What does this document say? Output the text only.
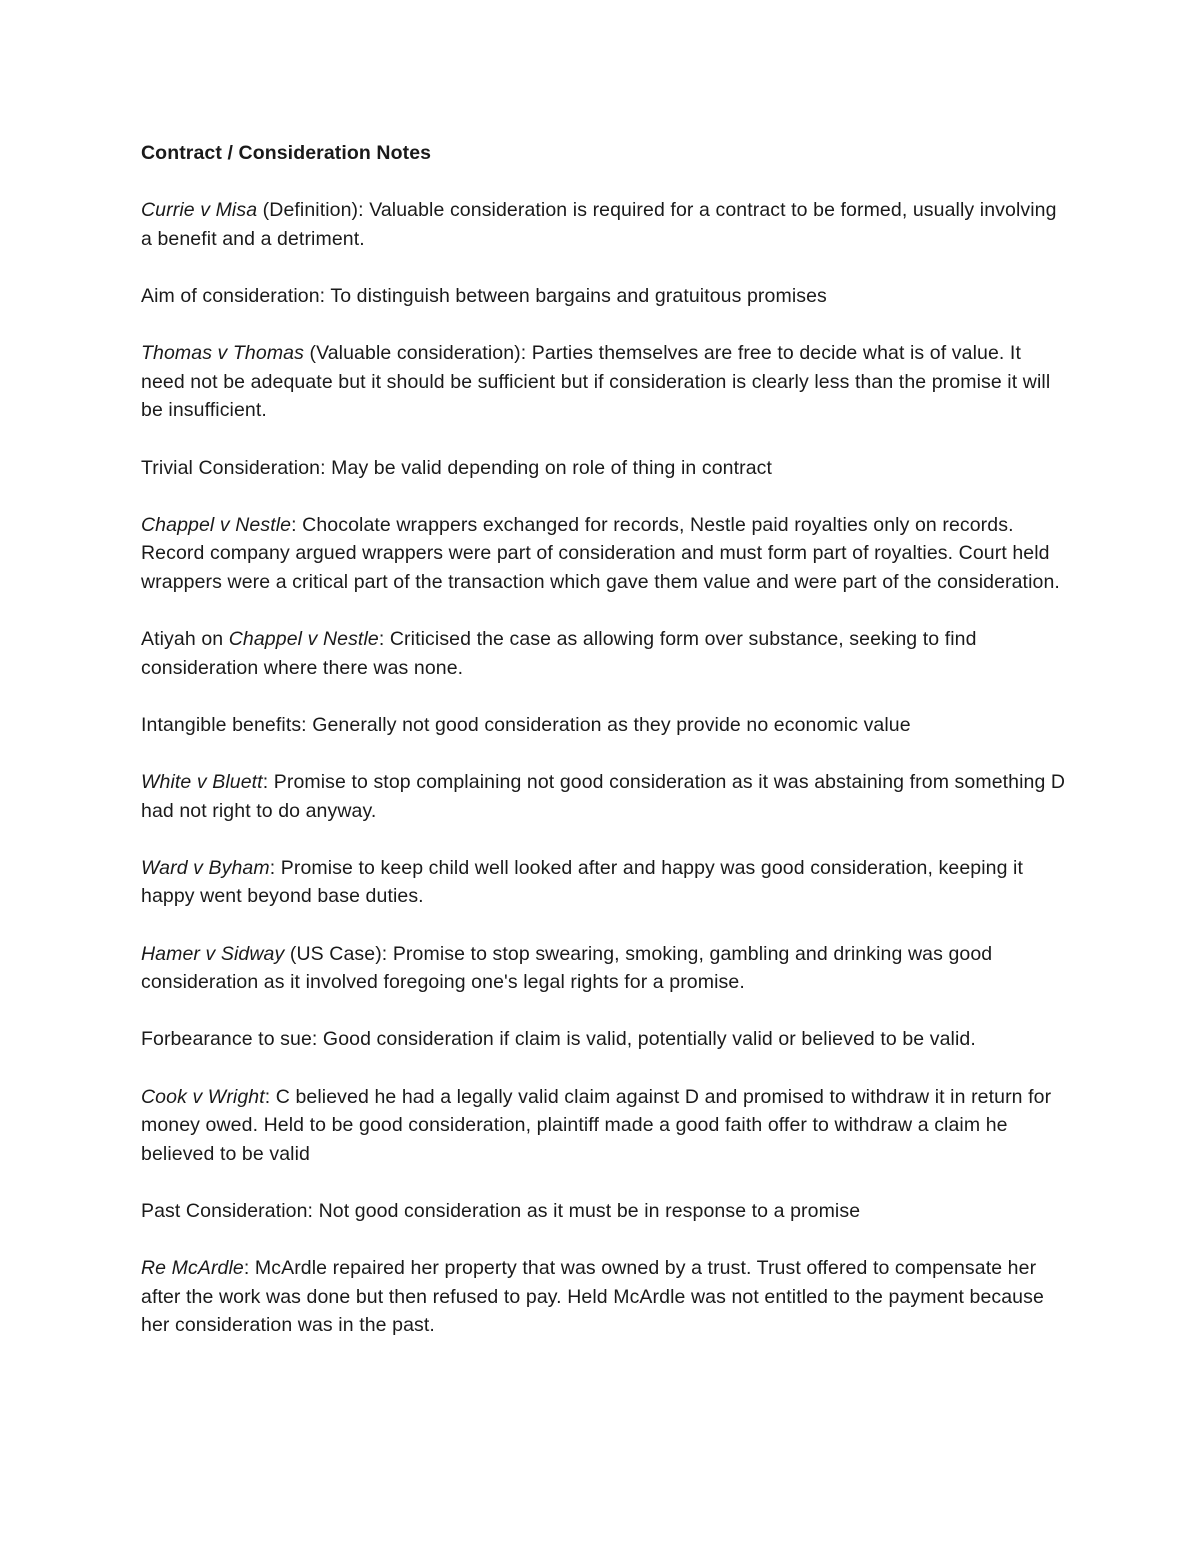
Contract / Consideration Notes

Currie v Misa (Definition): Valuable consideration is required for a contract to be formed, usually involving a benefit and a detriment.

Aim of consideration: To distinguish between bargains and gratuitous promises

Thomas v Thomas (Valuable consideration): Parties themselves are free to decide what is of value. It need not be adequate but it should be sufficient but if consideration is clearly less than the promise it will be insufficient.

Trivial Consideration: May be valid depending on role of thing in contract

Chappel v Nestle: Chocolate wrappers exchanged for records, Nestle paid royalties only on records. Record company argued wrappers were part of consideration and must form part of royalties. Court held wrappers were a critical part of the transaction which gave them value and were part of the consideration.

Atiyah on Chappel v Nestle: Criticised the case as allowing form over substance, seeking to find consideration where there was none.

Intangible benefits: Generally not good consideration as they provide no economic value

White v Bluett: Promise to stop complaining not good consideration as it was abstaining from something D had not right to do anyway.

Ward v Byham: Promise to keep child well looked after and happy was good consideration, keeping it happy went beyond base duties.

Hamer v Sidway (US Case): Promise to stop swearing, smoking, gambling and drinking was good consideration as it involved foregoing one's legal rights for a promise.

Forbearance to sue: Good consideration if claim is valid, potentially valid or believed to be valid.

Cook v Wright: C believed he had a legally valid claim against D and promised to withdraw it in return for money owed. Held to be good consideration, plaintiff made a good faith offer to withdraw a claim he believed to be valid

Past Consideration: Not good consideration as it must be in response to a promise

Re McArdle: McArdle repaired her property that was owned by a trust. Trust offered to compensate her after the work was done but then refused to pay. Held McArdle was not entitled to the payment because her consideration was in the past.
